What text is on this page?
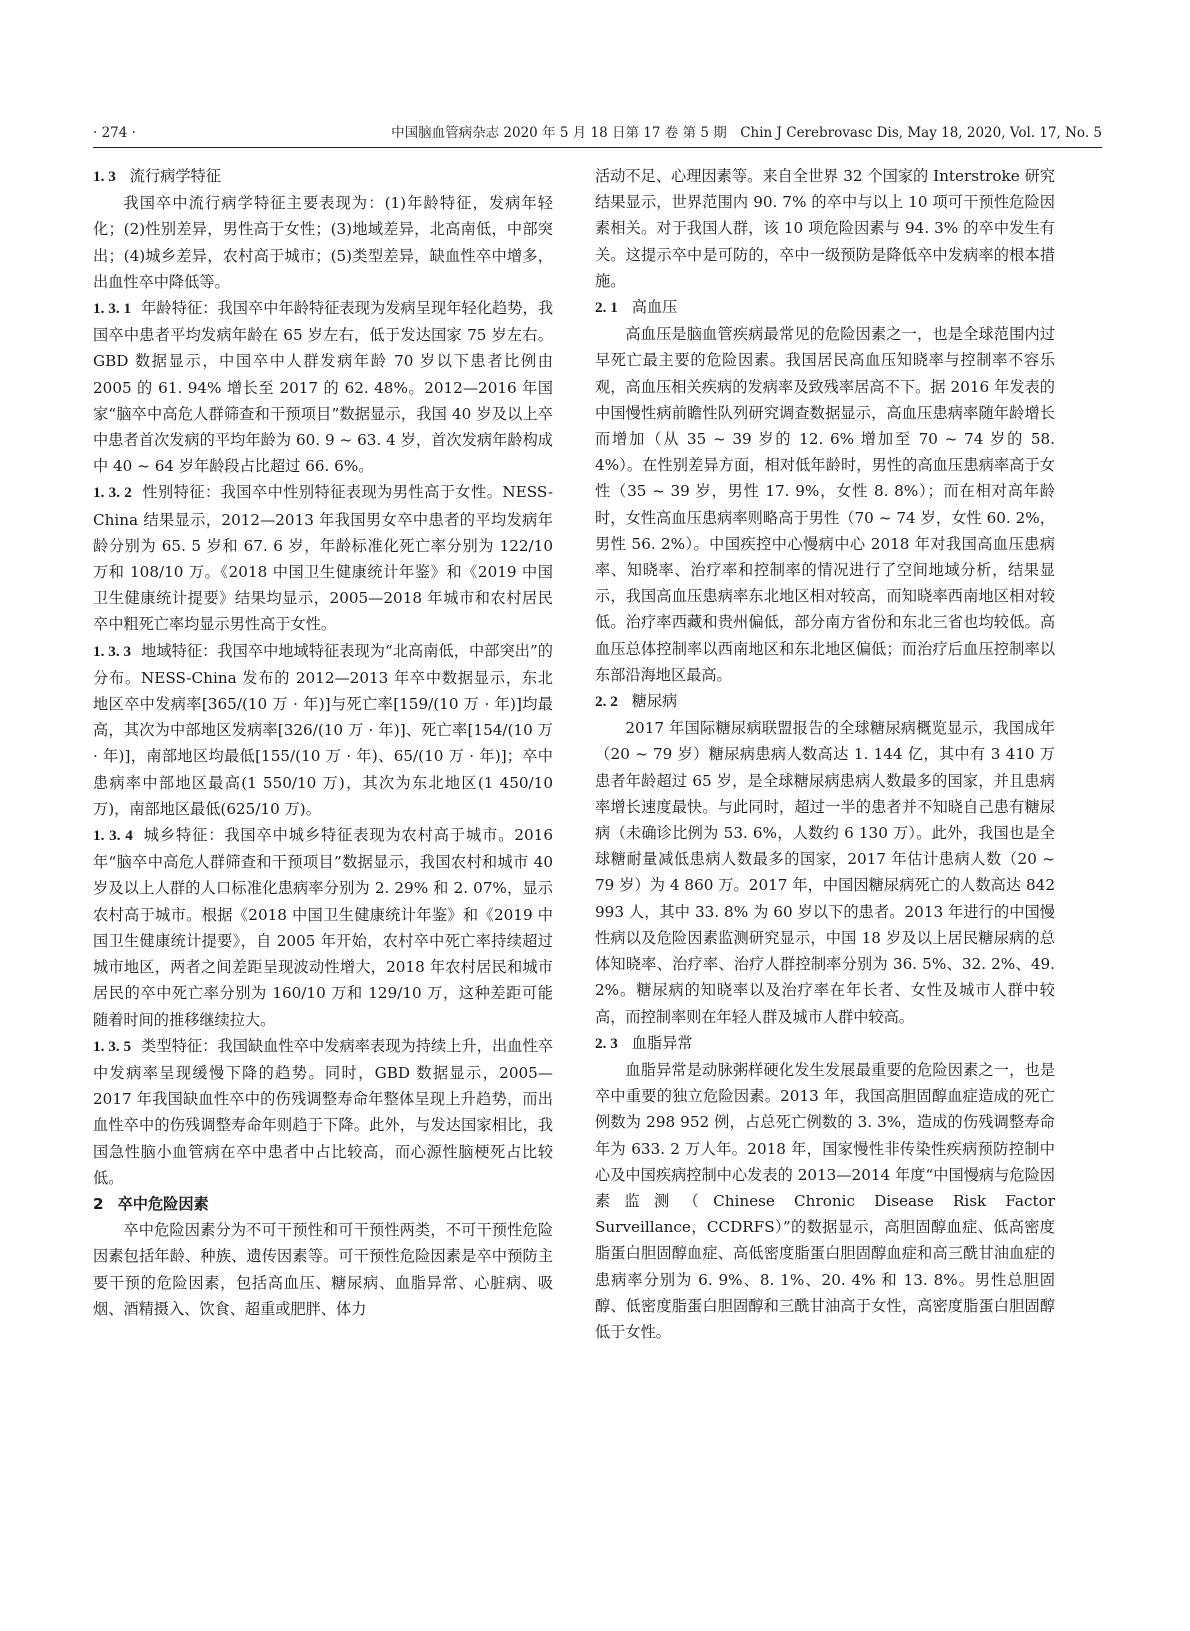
· 274 ·	中国脑血管病杂志 2020 年 5 月 18 日第 17 卷 第 5 期　Chin J Cerebrovasc Dis, May 18, 2020, Vol. 17, No. 5

1. 3 流行病学特征

我国卒中流行病学特征主要表现为：(1)年龄特征，发病年轻化；(2)性别差异，男性高于女性；(3)地域差异，北高南低，中部突出；(4)城乡差异，农村高于城市；(5)类型差异，缺血性卒中增多，出血性卒中降低等。

1. 3. 1 年龄特征：我国卒中年龄特征表现为发病呈现年轻化趋势，我国卒中患者平均发病年龄在 65 岁左右，低于发达国家 75 岁左右。GBD 数据显示，中国卒中人群发病年龄 70 岁以下患者比例由 2005 的 61. 94% 增长至 2017 的 62. 48%。2012—2016 年国家“脑卒中高危人群筛查和干预项目”数据显示，我国 40 岁及以上卒中患者首次发病的平均年龄为 60. 9 ~ 63. 4 岁，首次发病年龄构成中 40 ~ 64 岁年龄段占比超过 66. 6%。

1. 3. 2 性别特征：我国卒中性别特征表现为男性高于女性。NESS-China 结果显示，2012—2013 年我国男女卒中患者的平均发病年龄分别为 65. 5 岁和 67. 6 岁，年龄标准化死亡率分别为 122/10 万和 108/10 万。《2018 中国卫生健康统计年鉴》和《2019 中国卫生健康统计提要》结果均显示，2005—2018 年城市和农村居民卒中粗死亡率均显示男性高于女性。

1. 3. 3 地域特征：我国卒中地域特征表现为“北高南低，中部突出”的分布。NESS-China 发布的 2012—2013 年卒中数据显示，东北地区卒中发病率[365/(10 万 · 年)]与死亡率[159/(10 万 · 年)]均最高，其次为中部地区发病率[326/(10 万 · 年)]、死亡率[154/(10 万 · 年)]，南部地区均最低[155/(10 万 · 年)、65/(10 万 · 年)]；卒中患病率中部地区最高(1 550/10 万)，其次为东北地区(1 450/10 万)，南部地区最低(625/10 万)。

1. 3. 4 城乡特征：我国卒中城乡特征表现为农村高于城市。2016 年“脑卒中高危人群筛查和干预项目”数据显示，我国农村和城市 40 岁及以上人群的人口标准化患病率分别为 2. 29% 和 2. 07%，显示农村高于城市。根据《2018 中国卫生健康统计年鉴》和《2019 中国卫生健康统计提要》，自 2005 年开始，农村卒中死亡率持续超过城市地区，两者之间差距呈现波动性增大，2018 年农村居民和城市居民的卒中死亡率分别为 160/10 万和 129/10 万，这种差距可能随着时间的推移继续拉大。

1. 3. 5 类型特征：我国缺血性卒中发病率表现为持续上升，出血性卒中发病率呈现缓慢下降的趋势。同时，GBD 数据显示，2005—2017 年我国缺血性卒中的伤残调整寿命年整体呈现上升趋势，而出血性卒中的伤残调整寿命年则趋于下降。此外，与发达国家相比，我国急性脑小血管病在卒中患者中占比较高，而心源性脑梗死占比较低。

2 卒中危险因素

卒中危险因素分为不可干预性和可干预性两类，不可干预性危险因素包括年龄、种族、遗传因素等。可干预性危险因素是卒中预防主要干预的危险因素，包括高血压、糖尿病、血脂异常、心脏病、吸烟、酒精摄入、饮食、超重或肥胖、体力

活动不足、心理因素等。来自全世界 32 个国家的 Interstroke 研究结果显示，世界范围内 90. 7% 的卒中与以上 10 项可干预性危险因素相关。对于我国人群，该 10 项危险因素与 94. 3% 的卒中发生有关。这提示卒中是可防的，卒中一级预防是降低卒中发病率的根本措施。

2. 1 高血压

高血压是脑血管疾病最常见的危险因素之一，也是全球范围内过早死亡最主要的危险因素。我国居民高血压知晓率与控制率不容乐观，高血压相关疾病的发病率及致残率居高不下。据 2016 年发表的中国慢性病前瞻性队列研究调查数据显示，高血压患病率随年龄增长而增加（从 35 ~ 39 岁的 12. 6% 增加至 70 ~ 74 岁的 58. 4%）。在性别差异方面，相对低年龄时，男性的高血压患病率高于女性（35 ~ 39 岁，男性 17. 9%，女性 8. 8%）；而在相对高年龄时，女性高血压患病率则略高于男性（70 ~ 74 岁，女性 60. 2%，男性 56. 2%）。中国疾控中心慢病中心 2018 年对我国高血压患病率、知晓率、治疗率和控制率的情况进行了空间地域分析，结果显示，我国高血压患病率东北地区相对较高，而知晓率西南地区相对较低。治疗率西藏和贵州偏低，部分南方省份和东北三省也均较低。高血压总体控制率以西南地区和东北地区偏低；而治疗后血压控制率以东部沿海地区最高。

2. 2 糖尿病

2017 年国际糖尿病联盟报告的全球糖尿病概览显示，我国成年（20 ~ 79 岁）糖尿病患病人数高达 1. 144 亿，其中有 3 410 万患者年龄超过 65 岁，是全球糖尿病患病人数最多的国家，并且患病率增长速度最快。与此同时，超过一半的患者并不知晓自己患有糖尿病（未确诊比例为 53. 6%，人数约 6 130 万）。此外，我国也是全球糖耐量减低患病人数最多的国家，2017 年估计患病人数（20 ~ 79 岁）为 4 860 万。2017 年，中国因糖尿病死亡的人数高达 842 993 人，其中 33. 8% 为 60 岁以下的患者。2013 年进行的中国慢性病以及危险因素监测研究显示，中国 18 岁及以上居民糖尿病的总体知晓率、治疗率、治疗人群控制率分别为 36. 5%、32. 2%、49. 2%。糖尿病的知晓率以及治疗率在年长者、女性及城市人群中较高，而控制率则在年轻人群及城市人群中较高。

2. 3 血脂异常

血脂异常是动脉粥样硬化发生发展最重要的危险因素之一，也是卒中重要的独立危险因素。2013 年，我国高胆固醇血症造成的死亡例数为 298 952 例，占总死亡例数的 3. 3%，造成的伤残调整寿命年为 633. 2 万人年。2018 年，国家慢性非传染性疾病预防控制中心及中国疾病控制中心发表的 2013—2014 年度“中国慢病与危险因素监测（Chinese Chronic Disease Risk Factor Surveillance，CCDRFS）”的数据显示，高胆固醇血症、低高密度脂蛋白胆固醇血症、高低密度脂蛋白胆固醇血症和高三酰甘油血症的患病率分别为 6. 9%、8. 1%、20. 4% 和 13. 8%。男性总胆固醇、低密度脂蛋白胆固醇和三酰甘油高于女性，高密度脂蛋白胆固醇低于女性。
